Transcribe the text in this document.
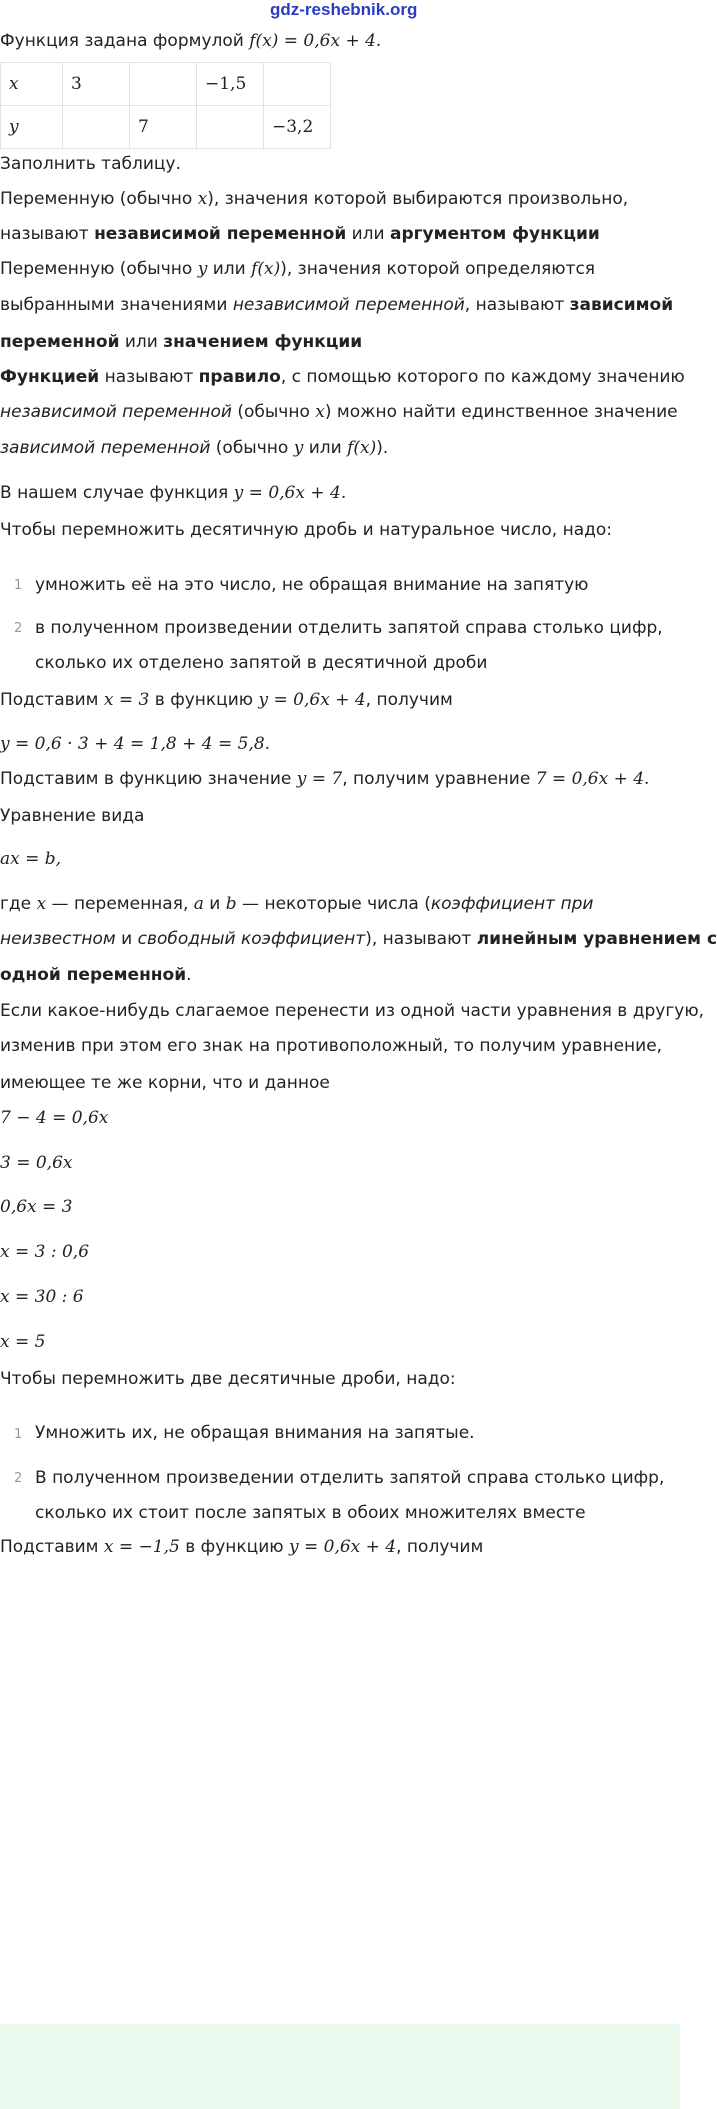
gdz-reshebnik.org
Функция задана формулой f(x) = 0,6x + 4.
x	3		−1,5	
y		7		−3,2
Заполнить таблицу.
Переменную (обычно x), значения которой выбираются произвольно,
называют независимой переменной или аргументом функции
Переменную (обычно y или f(x)), значения которой определяются
выбранными значениями независимой переменной, называют зависимой
переменной или значением функции
Функцией называют правило, с помощью которого по каждому значению
независимой переменной (обычно x) можно найти единственное значение
зависимой переменной (обычно y или f(x)).
В нашем случае функция y = 0,6x + 4.
Чтобы перемножить десятичную дробь и натуральное число, надо:
1 умножить её на это число, не обращая внимание на запятую
2 в полученном произведении отделить запятой справа столько цифр,
сколько их отделено запятой в десятичной дроби
Подставим x = 3 в функцию y = 0,6x + 4, получим
y = 0,6 · 3 + 4 = 1,8 + 4 = 5,8.
Подставим в функцию значение y = 7, получим уравнение 7 = 0,6x + 4.
Уравнение вида
ax = b,
где x — переменная, a и b — некоторые числа (коэффициент при
неизвестном и свободный коэффициент), называют линейным уравнением с
одной переменной.
Если какое-нибудь слагаемое перенести из одной части уравнения в другую,
изменив при этом его знак на противоположный, то получим уравнение,
имеющее те же корни, что и данное
7 − 4 = 0,6x
3 = 0,6x
0,6x = 3
x = 3 : 0,6
x = 30 : 6
x = 5
Чтобы перемножить две десятичные дроби, надо:
1 Умножить их, не обращая внимания на запятые.
2 В полученном произведении отделить запятой справа столько цифр,
сколько их стоит после запятых в обоих множителях вместе
Подставим x = −1,5 в функцию y = 0,6x + 4, получим
